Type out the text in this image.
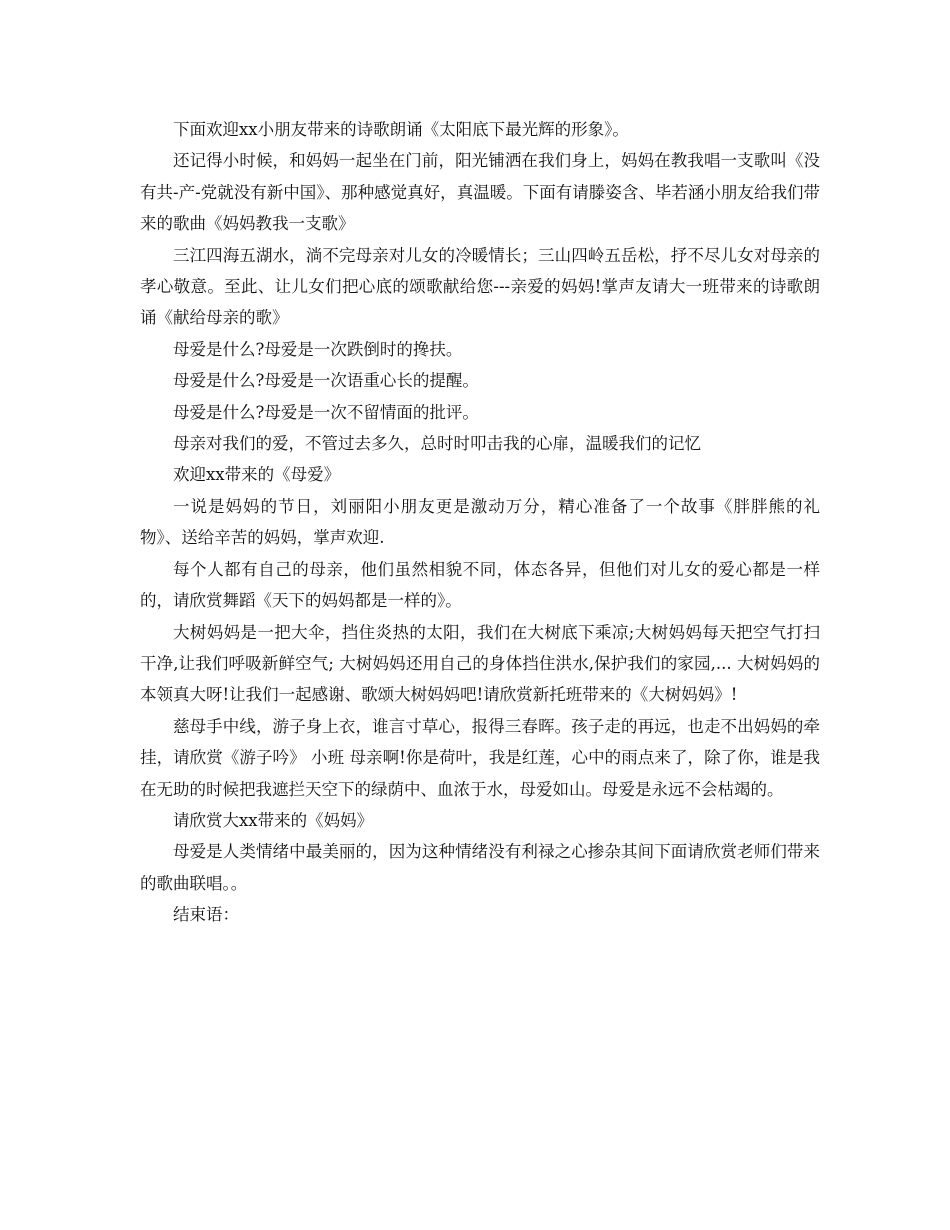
下面欢迎xx小朋友带来的诗歌朗诵《太阳底下最光辉的形象》。

还记得小时候，和妈妈一起坐在门前，阳光铺洒在我们身上，妈妈在教我唱一支歌叫《没有共-产-党就没有新中国》、那种感觉真好，真温暖。下面有请滕姿含、毕若涵小朋友给我们带来的歌曲《妈妈教我一支歌》

三江四海五湖水，淌不完母亲对儿女的冷暖情长；三山四岭五岳松，抒不尽儿女对母亲的孝心敬意。至此、让儿女们把心底的颂歌献给您---亲爱的妈妈!掌声友请大一班带来的诗歌朗诵《献给母亲的歌》

母爱是什么?母爱是一次跌倒时的搀扶。

母爱是什么?母爱是一次语重心长的提醒。

母爱是什么?母爱是一次不留情面的批评。

母亲对我们的爱，不管过去多久，总时时叩击我的心扉，温暖我们的记忆

欢迎xx带来的《母爱》

一说是妈妈的节日，刘丽阳小朋友更是激动万分，精心准备了一个故事《胖胖熊的礼物》、送给辛苦的妈妈，掌声欢迎.

每个人都有自己的母亲，他们虽然相貌不同，体态各异，但他们对儿女的爱心都是一样的，请欣赏舞蹈《天下的妈妈都是一样的》。

大树妈妈是一把大伞，挡住炎热的太阳，我们在大树底下乘凉;大树妈妈每天把空气打扫干净,让我们呼吸新鲜空气; 大树妈妈还用自己的身体挡住洪水,保护我们的家园,... 大树妈妈的本领真大呀!让我们一起感谢、歌颂大树妈妈吧!请欣赏新托班带来的《大树妈妈》!

慈母手中线，游子身上衣，谁言寸草心，报得三春晖。孩子走的再远，也走不出妈妈的牵挂，请欣赏《游子吟》 小班 母亲啊!你是荷叶，我是红莲，心中的雨点来了，除了你，谁是我在无助的时候把我遮拦天空下的绿荫中、血浓于水，母爱如山。母爱是永远不会枯竭的。

请欣赏大xx带来的《妈妈》

母爱是人类情绪中最美丽的，因为这种情绪没有利禄之心掺杂其间下面请欣赏老师们带来的歌曲联唱。。

结束语：
